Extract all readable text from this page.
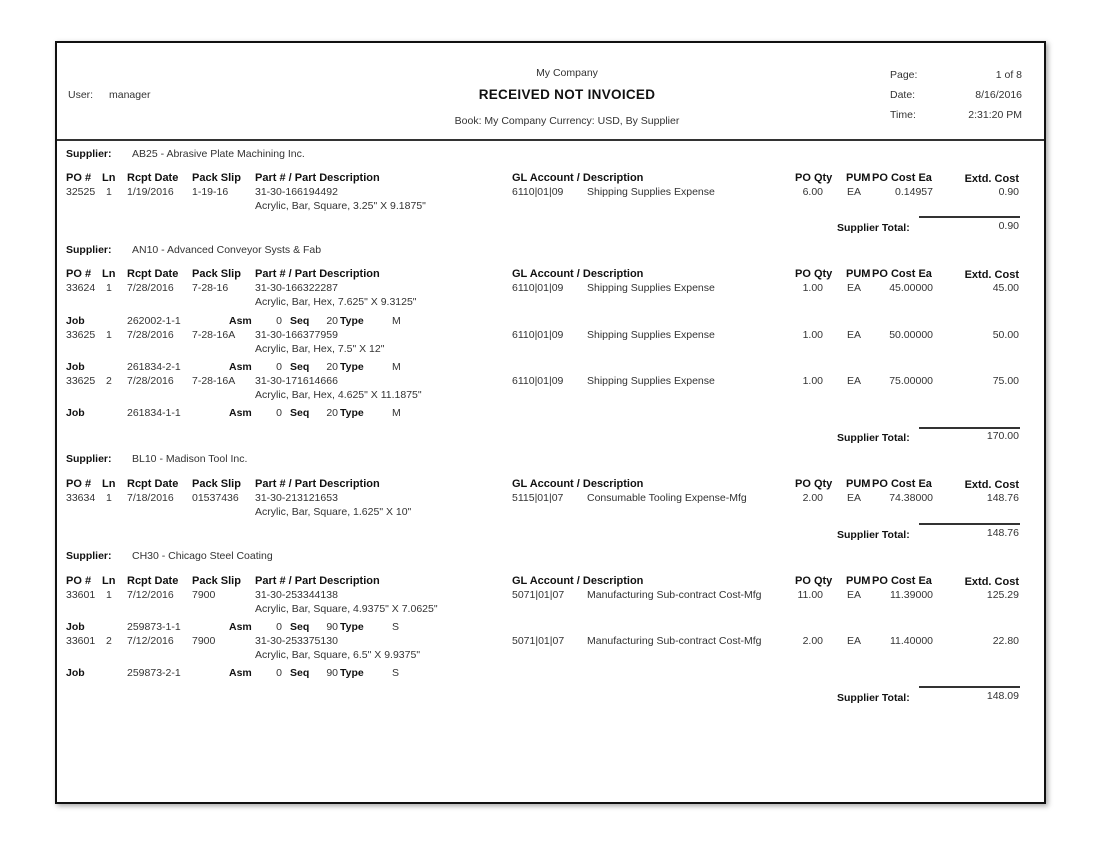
User: manager
My Company
RECEIVED NOT INVOICED
Book: My Company Currency: USD, By Supplier
Page:	1 of 8
Date:	8/16/2016
Time:	2:31:20 PM
Supplier: AB25 - Abrasive Plate Machining Inc.
PO # Ln Rcpt Date Pack Slip Part # / Part Description	GL Account / Description	PO Qty PUM PO Cost Ea	Extd. Cost
32525 1 1/19/2016 1-19-16	31-30-166194492
Acrylic, Bar, Square, 3.25" X 9.1875"
6110|01|09 Shipping Supplies Expense	6.00 EA	0.14957	0.90
Supplier Total:	0.90
Supplier: AN10 - Advanced Conveyor Systs & Fab
PO # Ln Rcpt Date Pack Slip Part # / Part Description	GL Account / Description	PO Qty PUM PO Cost Ea	Extd. Cost
33624 1 7/28/2016 7-28-16	31-30-166322287
Acrylic, Bar, Hex, 7.625" X 9.3125"
6110|01|09 Shipping Supplies Expense	1.00 EA	45.00000	45.00
Job	262002-1-1	Asm	0 Seq	20 Type	M
33625 1 7/28/2016 7-28-16A 31-30-166377959
Acrylic, Bar, Hex, 7.5" X 12"
6110|01|09 Shipping Supplies Expense	1.00 EA	50.00000	50.00
Job	261834-2-1	Asm	0 Seq	20 Type	M
33625 2 7/28/2016 7-28-16A 31-30-171614666
Acrylic, Bar, Hex, 4.625" X 11.1875"
6110|01|09 Shipping Supplies Expense	1.00 EA	75.00000	75.00
Job	261834-1-1	Asm	0 Seq	20 Type	M
Supplier Total:	170.00
Supplier: BL10 - Madison Tool Inc.
PO # Ln Rcpt Date Pack Slip Part # / Part Description	GL Account / Description	PO Qty PUM PO Cost Ea	Extd. Cost
33634 1 7/18/2016 01537436 31-30-213121653
Acrylic, Bar, Square, 1.625" X 10"
5115|01|07 Consumable Tooling Expense-Mfg	2.00 EA	74.38000	148.76
Supplier Total:	148.76
Supplier: CH30 - Chicago Steel Coating
PO # Ln Rcpt Date Pack Slip Part # / Part Description	GL Account / Description	PO Qty PUM PO Cost Ea	Extd. Cost
33601 1 7/12/2016 7900	31-30-253344138
Acrylic, Bar, Square, 4.9375" X 7.0625"
5071|01|07 Manufacturing Sub-contract Cost-Mfg	11.00 EA	11.39000	125.29
Job	259873-1-1	Asm	0 Seq	90 Type	S
33601 2 7/12/2016 7900	31-30-253375130
Acrylic, Bar, Square, 6.5" X 9.9375"
5071|01|07 Manufacturing Sub-contract Cost-Mfg	2.00 EA	11.40000	22.80
Job	259873-2-1	Asm	0 Seq	90 Type	S
Supplier Total:	148.09
